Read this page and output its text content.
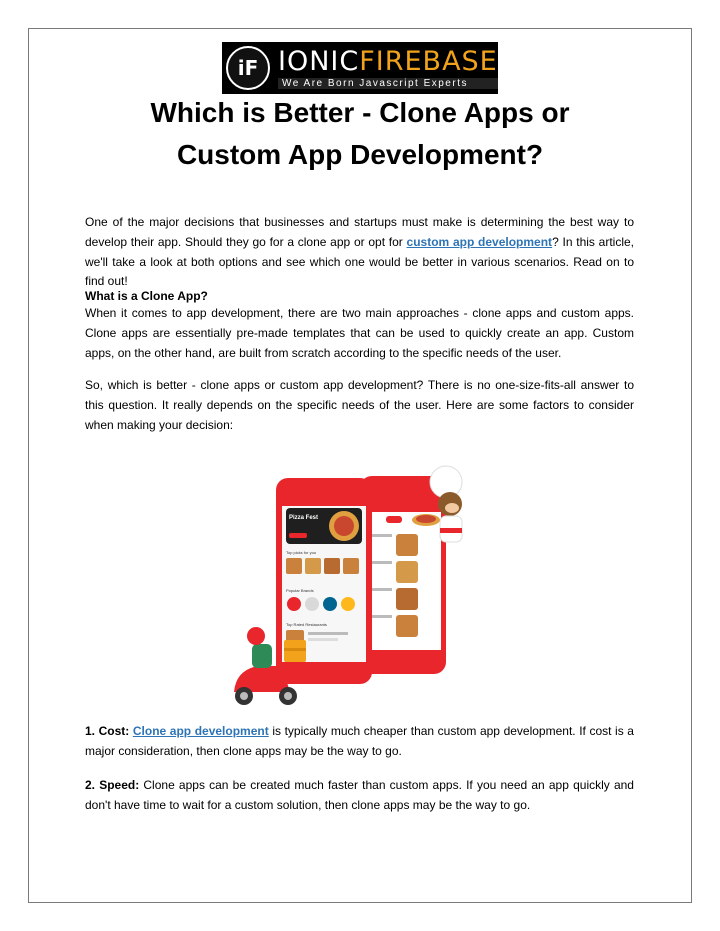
iF IONICFIREBASE
We Are Born Javascript Experts
Which is Better - Clone Apps or
Custom App Development?
One of the major decisions that businesses and startups must make is determining the best way to develop their app. Should they go for a clone app or opt for custom app development? In this article, we'll take a look at both options and see which one would be better in various scenarios. Read on to find out!
What is a Clone App?
When it comes to app development, there are two main approaches - clone apps and custom apps. Clone apps are essentially pre-made templates that can be used to quickly create an app. Custom apps, on the other hand, are built from scratch according to the specific needs of the user.
So, which is better - clone apps or custom app development? There is no one-size-fits-all answer to this question. It really depends on the specific needs of the user. Here are some factors to consider when making your decision:
Pizza Fest
Top picks for you
Popular Brands
Top Rated Restaurants
1. Cost: Clone app development is typically much cheaper than custom app development. If cost is a major consideration, then clone apps may be the way to go.
2. Speed: Clone apps can be created much faster than custom apps. If you need an app quickly and don't have time to wait for a custom solution, then clone apps may be the way to go.
